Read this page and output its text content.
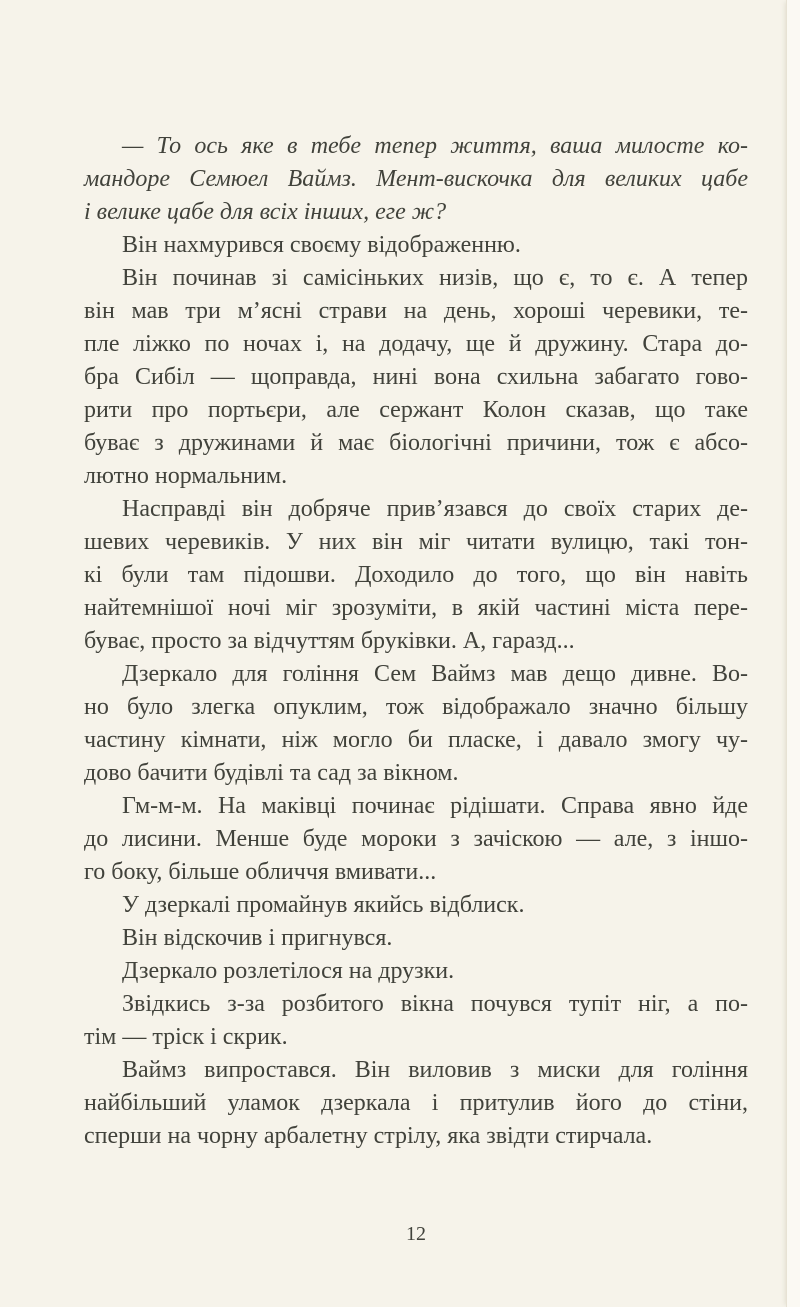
— То ось яке в тебе тепер життя, ваша милосте ко-
мандоре Семюел Ваймз. Мент-вискочка для великих цабе
і велике цабе для всіх інших, еге ж?
Він нахмурився своєму відображенню.
Він починав зі самісіньких низів, що є, то є. А тепер
він мав три м’ясні страви на день, хороші черевики, те-
пле ліжко по ночах і, на додачу, ще й дружину. Стара до-
бра Сибіл — щоправда, нині вона схильна забагато гово-
рити про портьєри, але сержант Колон сказав, що таке
буває з дружинами й має біологічні причини, тож є абсо-
лютно нормальним.
Насправді він добряче прив’язався до своїх старих де-
шевих черевиків. У них він міг читати вулицю, такі тон-
кі були там підошви. Доходило до того, що він навіть
найтемнішої ночі міг зрозуміти, в якій частині міста пере-
буває, просто за відчуттям бруківки. А, гаразд...
Дзеркало для гоління Сем Ваймз мав дещо дивне. Во-
но було злегка опуклим, тож відображало значно більшу
частину кімнати, ніж могло би пласке, і давало змогу чу-
дово бачити будівлі та сад за вікном.
Гм-м-м. На маківці починає рідішати. Справа явно йде
до лисини. Менше буде мороки з зачіскою — але, з іншо-
го боку, більше обличчя вмивати...
У дзеркалі промайнув якийсь відблиск.
Він відскочив і пригнувся.
Дзеркало розлетілося на друзки.
Звідкись з-за розбитого вікна почувся тупіт ніг, а по-
тім — тріск і скрик.
Ваймз випростався. Він виловив з миски для гоління
найбільший уламок дзеркала і притулив його до стіни,
сперши на чорну арбалетну стрілу, яка звідти стирчала.
12
